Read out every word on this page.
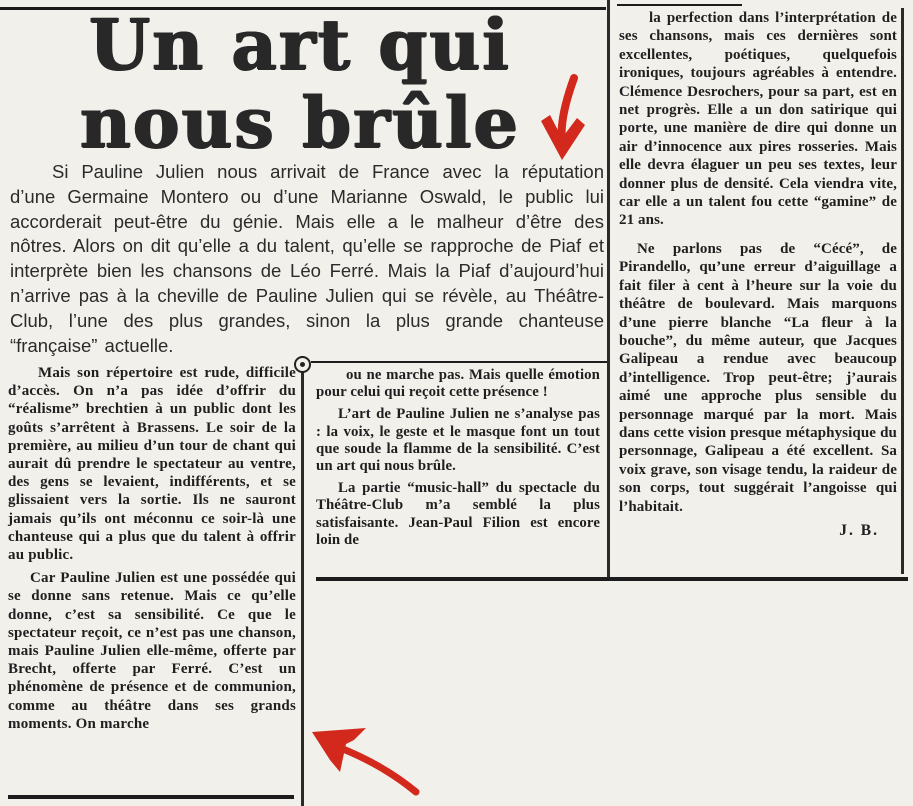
Un art qui
nous brûle

Si Pauline Julien nous arrivait de France avec la réputation d’une Germaine Montero ou d’une Marianne Oswald, le public lui accorderait peut-être du génie. Mais elle a le malheur d’être des nôtres. Alors on dit qu’elle a du talent, qu’elle se rapproche de Piaf et interprète bien les chansons de Léo Ferré. Mais la Piaf d’aujourd’hui n’arrive pas à la cheville de Pauline Julien qui se révèle, au Théâtre-Club, l’une des plus grandes, sinon la plus grande chanteuse “française” actuelle.

Mais son répertoire est rude, difficile d’accès. On n’a pas idée d’offrir du “réalisme” brechtien à un public dont les goûts s’arrêtent à Brassens. Le soir de la première, au milieu d’un tour de chant qui aurait dû prendre le spectateur au ventre, des gens se levaient, indifférents, et se glissaient vers la sortie. Ils ne sauront jamais qu’ils ont méconnu ce soir-là une chanteuse qui a plus que du talent à offrir au public.

Car Pauline Julien est une possédée qui se donne sans retenue. Mais ce qu’elle donne, c’est sa sensibilité. Ce que le spectateur reçoit, ce n’est pas une chanson, mais Pauline Julien elle-même, offerte par Brecht, offerte par Ferré. C’est un phénomène de présence et de communion, comme au théâtre dans ses grands moments. On marche

ou ne marche pas. Mais quelle émotion pour celui qui reçoit cette présence !

L’art de Pauline Julien ne s’analyse pas : la voix, le geste et le masque font un tout que soude la flamme de la sensibilité. C’est un art qui nous brûle.

La partie “music-hall” du spectacle du Théâtre-Club m’a semblé la plus satisfaisante. Jean-Paul Filion est encore loin de

la perfection dans l’interprétation de ses chansons, mais ces dernières sont excellentes, poétiques, quelquefois ironiques, toujours agréables à entendre. Clémence Desrochers, pour sa part, est en net progrès. Elle a un don satirique qui porte, une manière de dire qui donne un air d’innocence aux pires rosseries. Mais elle devra élaguer un peu ses textes, leur donner plus de densité. Cela viendra vite, car elle a un talent fou cette “gamine” de 21 ans.

Ne parlons pas de “Cécé”, de Pirandello, qu’une erreur d’aiguillage a fait filer à cent à l’heure sur la voie du théâtre de boulevard. Mais marquons d’une pierre blanche “La fleur à la bouche”, du même auteur, que Jacques Galipeau a rendue avec beaucoup d’intelligence. Trop peut-être; j’aurais aimé une approche plus sensible du personnage marqué par la mort. Mais dans cette vision presque métaphysique du personnage, Galipeau a été excellent. Sa voix grave, son visage tendu, la raideur de son corps, tout suggérait l’angoisse qui l’habitait.

J. B.
